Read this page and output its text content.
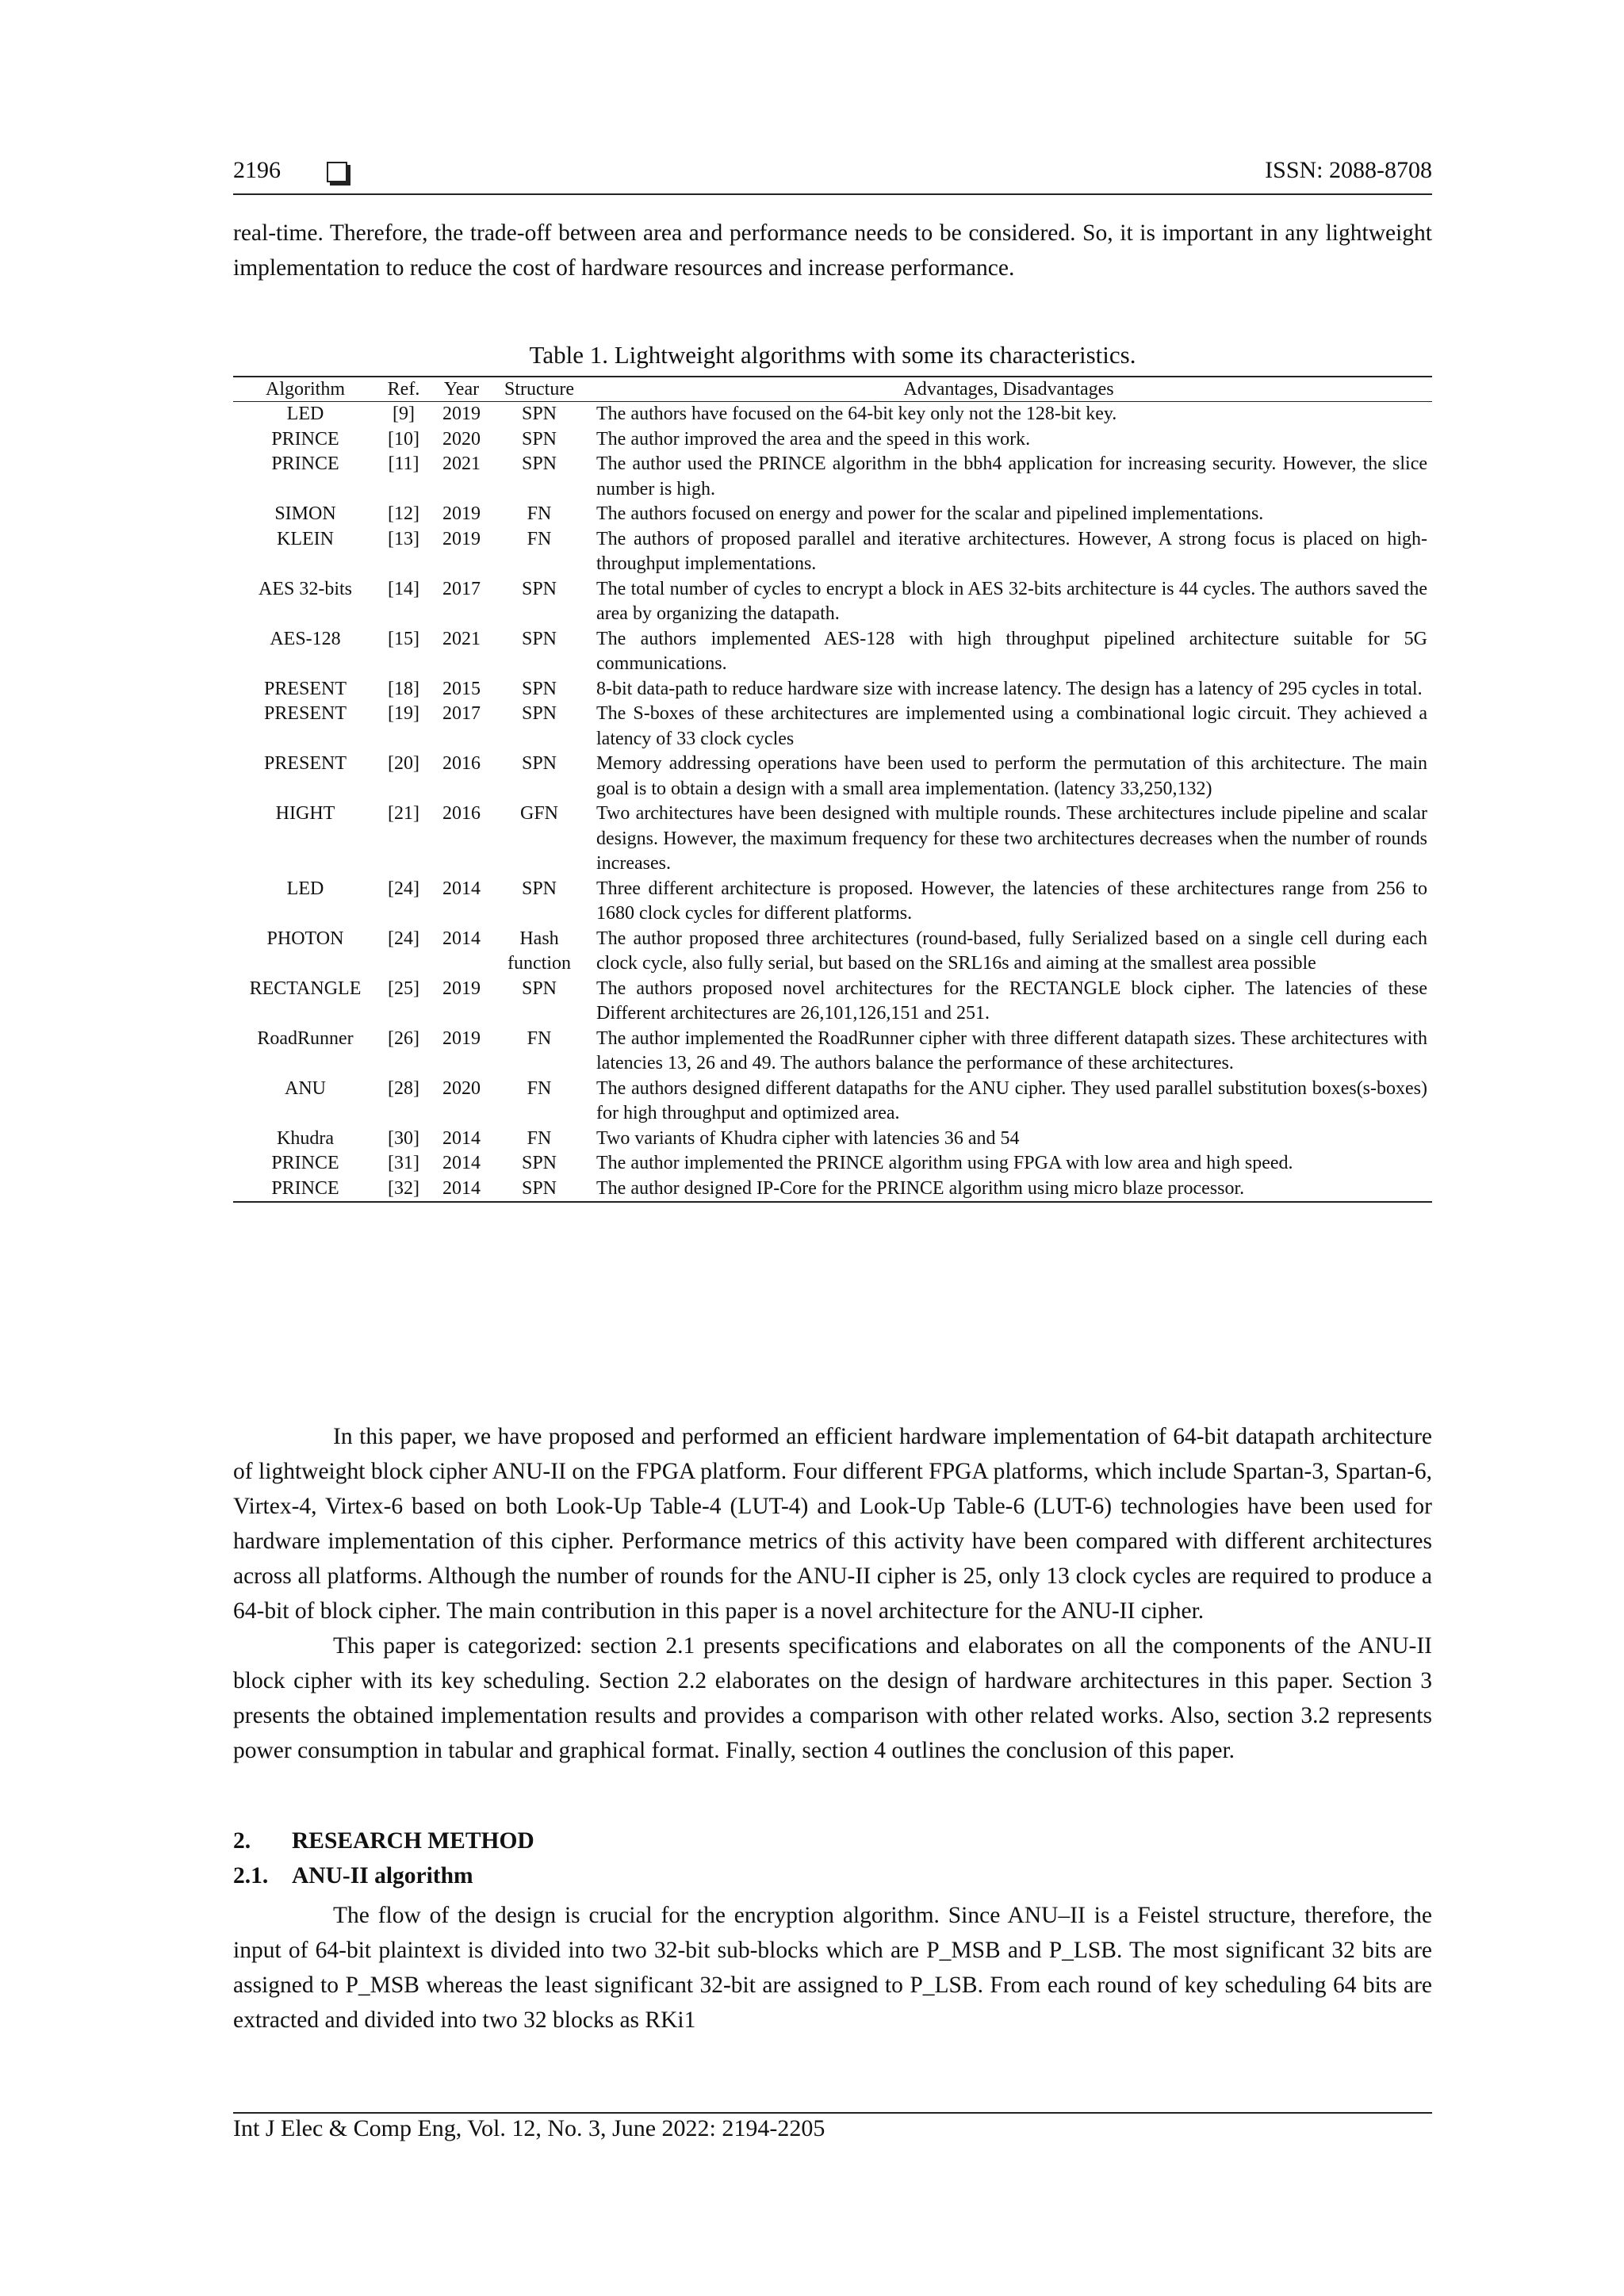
2196	ISSN: 2088-8708

real-time. Therefore, the trade-off between area and performance needs to be considered. So, it is important in any lightweight implementation to reduce the cost of hardware resources and increase performance.

Table 1. Lightweight algorithms with some its characteristics.
Algorithm	Ref.	Year	Structure	Advantages, Disadvantages
LED	[9]	2019	SPN	The authors have focused on the 64-bit key only not the 128-bit key.
PRINCE	[10]	2020	SPN	The author improved the area and the speed in this work.
PRINCE	[11]	2021	SPN	The author used the PRINCE algorithm in the bbh4 application for increasing security. However, the slice number is high.
SIMON	[12]	2019	FN	The authors focused on energy and power for the scalar and pipelined implementations.
KLEIN	[13]	2019	FN	The authors of proposed parallel and iterative architectures. However, A strong focus is placed on high-throughput implementations.
AES 32-bits	[14]	2017	SPN	The total number of cycles to encrypt a block in AES 32-bits architecture is 44 cycles. The authors saved the area by organizing the datapath.
AES-128	[15]	2021	SPN	The authors implemented AES-128 with high throughput pipelined architecture suitable for 5G communications.
PRESENT	[18]	2015	SPN	8-bit data-path to reduce hardware size with increase latency. The design has a latency of 295 cycles in total.
PRESENT	[19]	2017	SPN	The S-boxes of these architectures are implemented using a combinational logic circuit. They achieved a latency of 33 clock cycles
PRESENT	[20]	2016	SPN	Memory addressing operations have been used to perform the permutation of this architecture. The main goal is to obtain a design with a small area implementation. (latency 33,250,132)
HIGHT	[21]	2016	GFN	Two architectures have been designed with multiple rounds. These architectures include pipeline and scalar designs. However, the maximum frequency for these two architectures decreases when the number of rounds increases.
LED	[24]	2014	SPN	Three different architecture is proposed. However, the latencies of these architectures range from 256 to 1680 clock cycles for different platforms.
PHOTON	[24]	2014	Hash function	The author proposed three architectures (round-based, fully Serialized based on a single cell during each clock cycle, also fully serial, but based on the SRL16s and aiming at the smallest area possible
RECTANGLE	[25]	2019	SPN	The authors proposed novel architectures for the RECTANGLE block cipher. The latencies of these Different architectures are 26,101,126,151 and 251.
RoadRunner	[26]	2019	FN	The author implemented the RoadRunner cipher with three different datapath sizes. These architectures with latencies 13, 26 and 49. The authors balance the performance of these architectures.
ANU	[28]	2020	FN	The authors designed different datapaths for the ANU cipher. They used parallel substitution boxes(s-boxes) for high throughput and optimized area.
Khudra	[30]	2014	FN	Two variants of Khudra cipher with latencies 36 and 54
PRINCE	[31]	2014	SPN	The author implemented the PRINCE algorithm using FPGA with low area and high speed.
PRINCE	[32]	2014	SPN	The author designed IP-Core for the PRINCE algorithm using micro blaze processor.

In this paper, we have proposed and performed an efficient hardware implementation of 64-bit datapath architecture of lightweight block cipher ANU-II on the FPGA platform. Four different FPGA platforms, which include Spartan-3, Spartan-6, Virtex-4, Virtex-6 based on both Look-Up Table-4 (LUT-4) and Look-Up Table-6 (LUT-6) technologies have been used for hardware implementation of this cipher. Performance metrics of this activity have been compared with different architectures across all platforms. Although the number of rounds for the ANU-II cipher is 25, only 13 clock cycles are required to produce a 64-bit of block cipher. The main contribution in this paper is a novel architecture for the ANU-II cipher.

This paper is categorized: section 2.1 presents specifications and elaborates on all the components of the ANU-II block cipher with its key scheduling. Section 2.2 elaborates on the design of hardware architectures in this paper. Section 3 presents the obtained implementation results and provides a comparison with other related works. Also, section 3.2 represents power consumption in tabular and graphical format. Finally, section 4 outlines the conclusion of this paper.

2. RESEARCH METHOD
2.1. ANU-II algorithm

The flow of the design is crucial for the encryption algorithm. Since ANU–II is a Feistel structure, therefore, the input of 64-bit plaintext is divided into two 32-bit sub-blocks which are P_MSB and P_LSB. The most significant 32 bits are assigned to P_MSB whereas the least significant 32-bit are assigned to P_LSB. From each round of key scheduling 64 bits are extracted and divided into two 32 blocks as RKi1

Int J Elec & Comp Eng, Vol. 12, No. 3, June 2022: 2194-2205
